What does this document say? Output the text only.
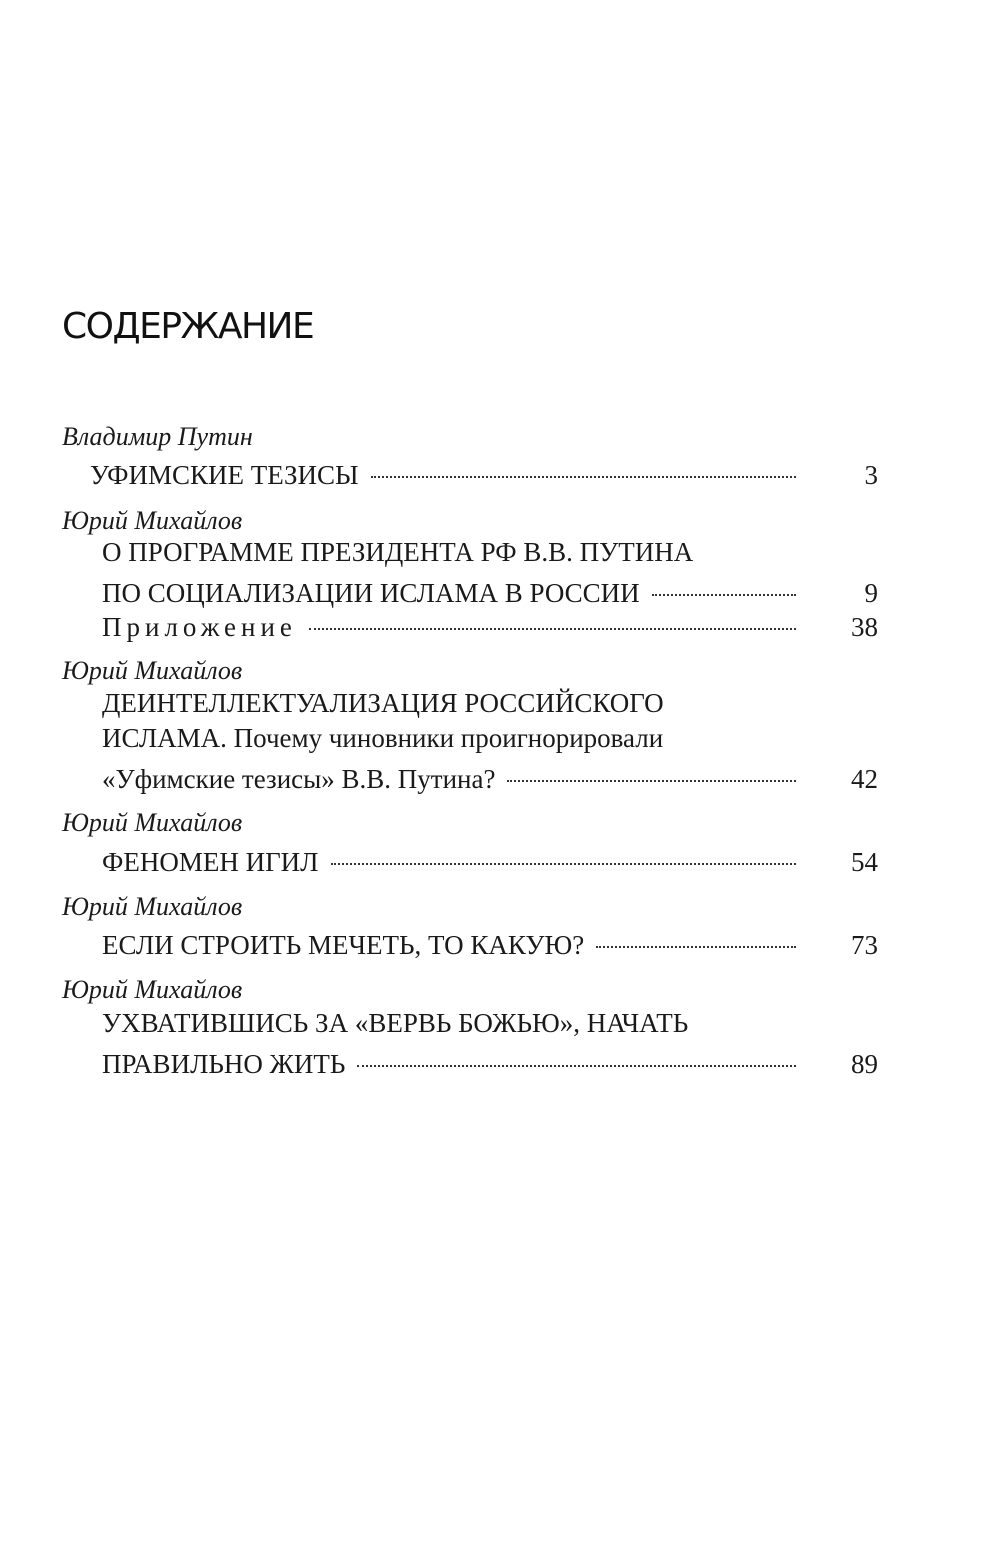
СОДЕРЖАНИЕ
Владимир Путин
УФИМСКИЕ ТЕЗИСЫ	3
Юрий Михайлов
О ПРОГРАММЕ ПРЕЗИДЕНТА РФ В.В. ПУТИНА
ПО СОЦИАЛИЗАЦИИ ИСЛАМА В РОССИИ	9
Приложение	38
Юрий Михайлов
ДЕИНТЕЛЛЕКТУАЛИЗАЦИЯ РОССИЙСКОГО
ИСЛАМА. Почему чиновники проигнорировали
«Уфимские тезисы» В.В. Путина?	42
Юрий Михайлов
ФЕНОМЕН ИГИЛ	54
Юрий Михайлов
ЕСЛИ СТРОИТЬ МЕЧЕТЬ, ТО КАКУЮ?	73
Юрий Михайлов
УХВАТИВШИСЬ ЗА «ВЕРВЬ БОЖЬЮ», НАЧАТЬ
ПРАВИЛЬНО ЖИТЬ	89
